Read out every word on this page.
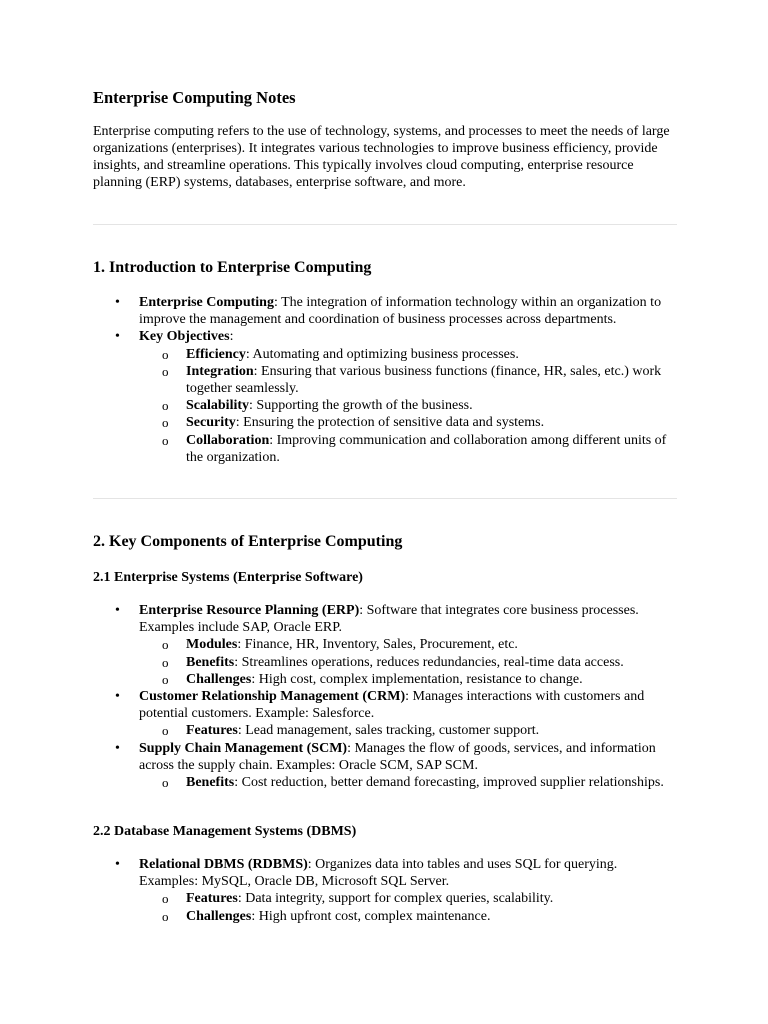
Enterprise Computing Notes

Enterprise computing refers to the use of technology, systems, and processes to meet the needs of large organizations (enterprises). It integrates various technologies to improve business efficiency, provide insights, and streamline operations. This typically involves cloud computing, enterprise resource planning (ERP) systems, databases, enterprise software, and more.

1. Introduction to Enterprise Computing
• Enterprise Computing: The integration of information technology within an organization to improve the management and coordination of business processes across departments.
• Key Objectives:
o Efficiency: Automating and optimizing business processes.
o Integration: Ensuring that various business functions (finance, HR, sales, etc.) work together seamlessly.
o Scalability: Supporting the growth of the business.
o Security: Ensuring the protection of sensitive data and systems.
o Collaboration: Improving communication and collaboration among different units of the organization.
2. Key Components of Enterprise Computing
2.1 Enterprise Systems (Enterprise Software)
• Enterprise Resource Planning (ERP): Software that integrates core business processes. Examples include SAP, Oracle ERP.
o Modules: Finance, HR, Inventory, Sales, Procurement, etc.
o Benefits: Streamlines operations, reduces redundancies, real-time data access.
o Challenges: High cost, complex implementation, resistance to change.
• Customer Relationship Management (CRM): Manages interactions with customers and potential customers. Example: Salesforce.
o Features: Lead management, sales tracking, customer support.
• Supply Chain Management (SCM): Manages the flow of goods, services, and information across the supply chain. Examples: Oracle SCM, SAP SCM.
o Benefits: Cost reduction, better demand forecasting, improved supplier relationships.
2.2 Database Management Systems (DBMS)
• Relational DBMS (RDBMS): Organizes data into tables and uses SQL for querying. Examples: MySQL, Oracle DB, Microsoft SQL Server.
o Features: Data integrity, support for complex queries, scalability.
o Challenges: High upfront cost, complex maintenance.
